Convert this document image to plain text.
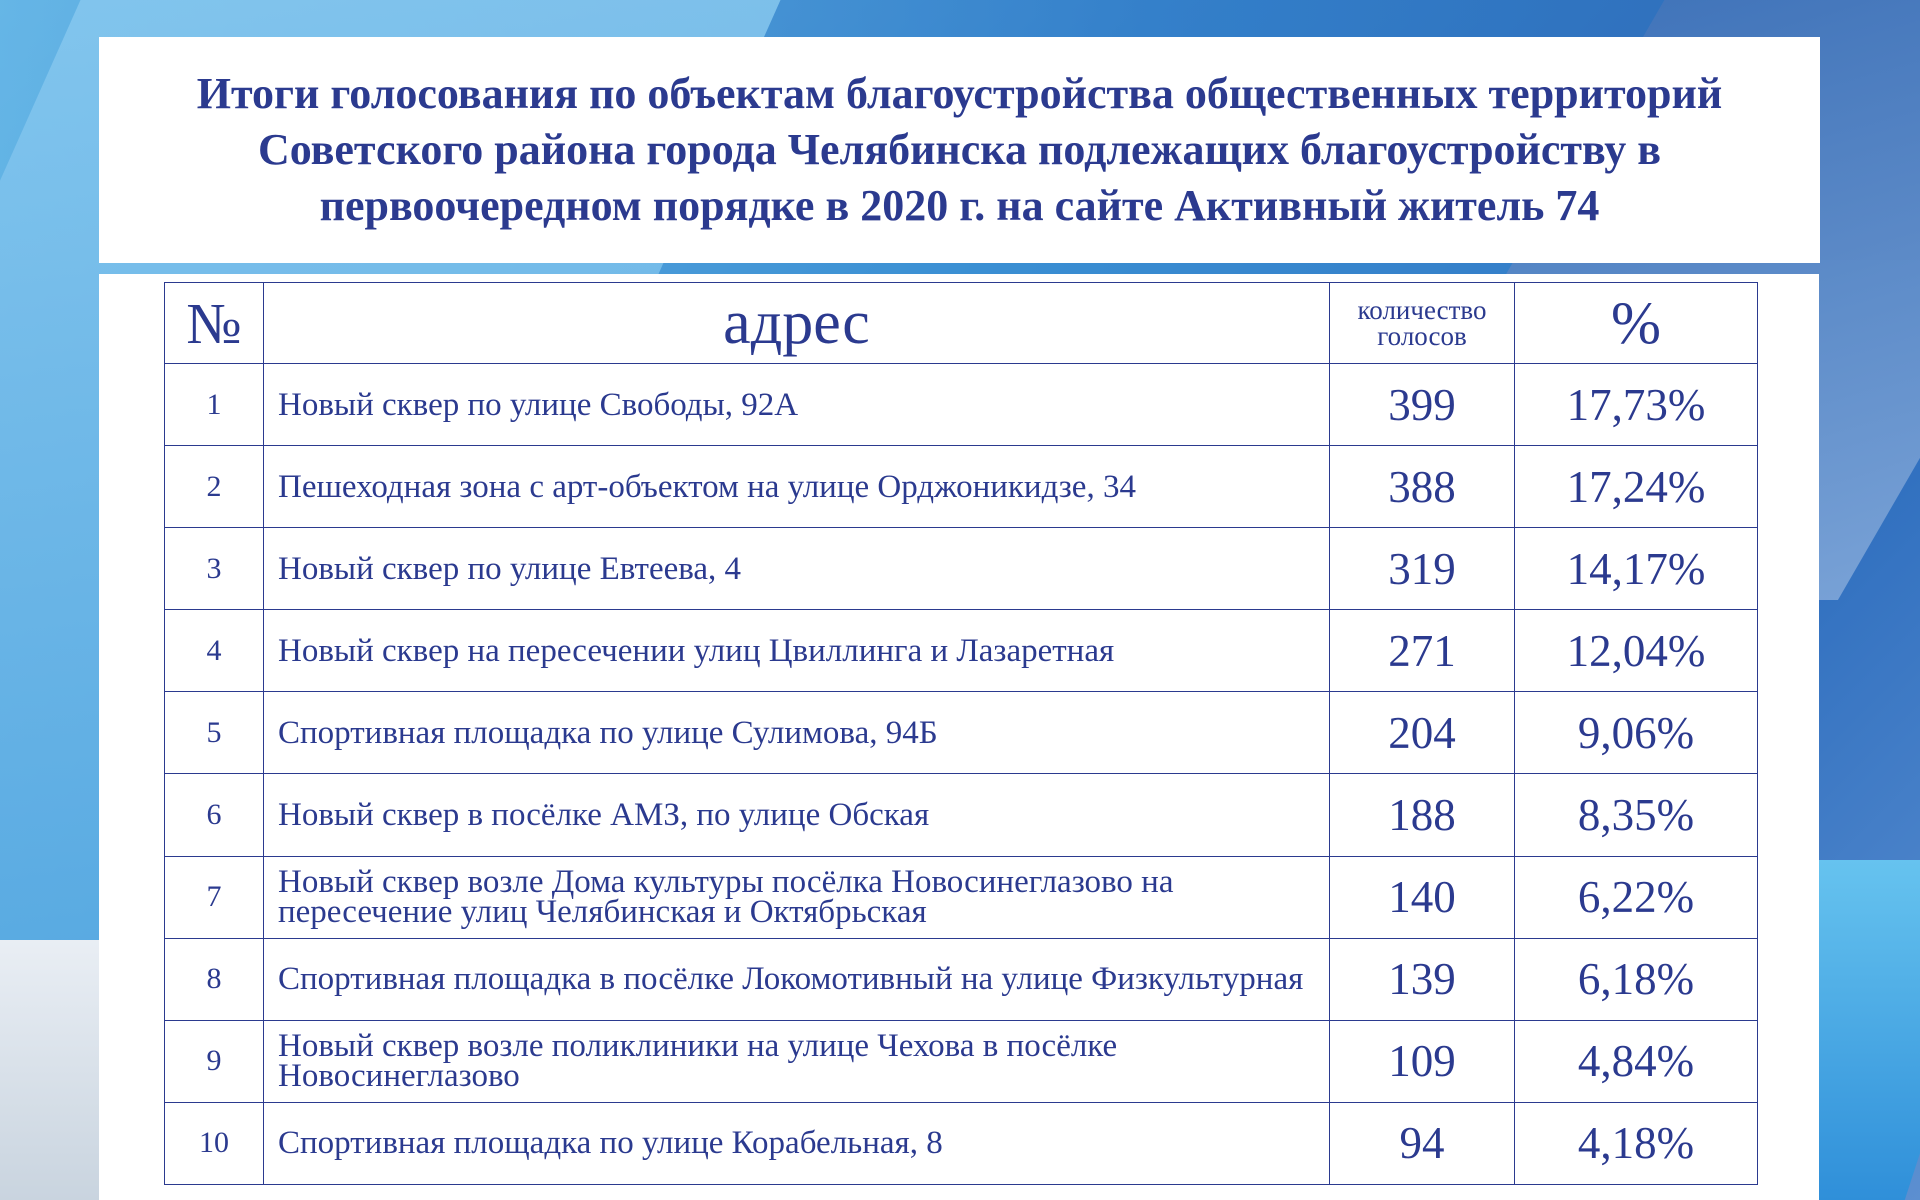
Итоги голосования по объектам благоустройства общественных территорий Советского района города Челябинска подлежащих благоустройству в первоочередном порядке в 2020 г. на сайте Активный житель 74
№	адрес	количество голосов	%
1	Новый сквер по улице Свободы, 92А	399	17,73%
2	Пешеходная зона с арт-объектом на улице Орджоникидзе, 34	388	17,24%
3	Новый сквер по улице Евтеева, 4	319	14,17%
4	Новый сквер на пересечении улиц Цвиллинга и Лазаретная	271	12,04%
5	Спортивная площадка по улице Сулимова, 94Б	204	9,06%
6	Новый сквер в посёлке АМЗ, по улице Обская	188	8,35%
7	Новый сквер возле Дома культуры посёлка Новосинеглазово на пересечение улиц Челябинская и Октябрьская	140	6,22%
8	Спортивная площадка в посёлке Локомотивный на улице Физкультурная	139	6,18%
9	Новый сквер возле поликлиники на улице Чехова в посёлке Новосинеглазово	109	4,84%
10	Спортивная площадка по улице Корабельная, 8	94	4,18%
